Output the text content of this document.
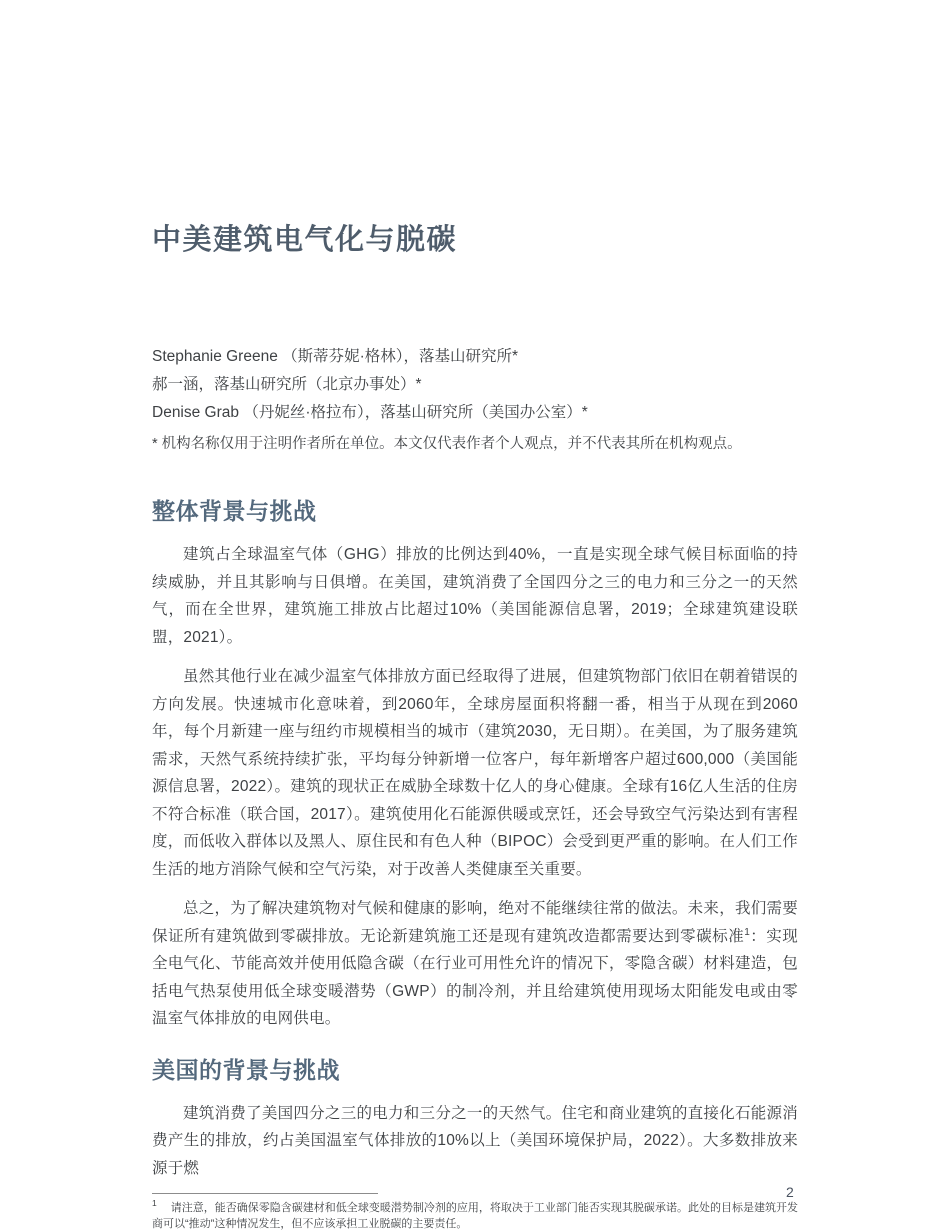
中美建筑电气化与脱碳
Stephanie Greene （斯蒂芬妮·格林），落基山研究所*
郝一涵，落基山研究所（北京办事处）*
Denise Grab （丹妮丝·格拉布），落基山研究所（美国办公室）*
* 机构名称仅用于注明作者所在单位。本文仅代表作者个人观点，并不代表其所在机构观点。
整体背景与挑战

建筑占全球温室气体（GHG）排放的比例达到40%，一直是实现全球气候目标面临的持续威胁，并且其影响与日俱增。在美国，建筑消费了全国四分之三的电力和三分之一的天然气，而在全世界，建筑施工排放占比超过10%（美国能源信息署，2019；全球建筑建设联盟，2021）。

虽然其他行业在减少温室气体排放方面已经取得了进展，但建筑物部门依旧在朝着错误的方向发展。快速城市化意味着，到2060年，全球房屋面积将翻一番，相当于从现在到2060年，每个月新建一座与纽约市规模相当的城市（建筑2030，无日期）。在美国，为了服务建筑需求，天然气系统持续扩张，平均每分钟新增一位客户，每年新增客户超过600,000（美国能源信息署，2022）。建筑的现状正在威胁全球数十亿人的身心健康。全球有16亿人生活的住房不符合标准（联合国，2017）。建筑使用化石能源供暖或烹饪，还会导致空气污染达到有害程度，而低收入群体以及黑人、原住民和有色人种（BIPOC）会受到更严重的影响。在人们工作生活的地方消除气候和空气污染，对于改善人类健康至关重要。

总之，为了解决建筑物对气候和健康的影响，绝对不能继续往常的做法。未来，我们需要保证所有建筑做到零碳排放。无论新建筑施工还是现有建筑改造都需要达到零碳标准$^1$：实现全电气化、节能高效并使用低隐含碳（在行业可用性允许的情况下，零隐含碳）材料建造，包括电气热泵使用低全球变暖潜势（GWP）的制冷剂，并且给建筑使用现场太阳能发电或由零温室气体排放的电网供电。

美国的背景与挑战

建筑消费了美国四分之三的电力和三分之一的天然气。住宅和商业建筑的直接化石能源消费产生的排放，约占美国温室气体排放的10%以上（美国环境保护局，2022）。大多数排放来源于燃

$^1$ 请注意，能否确保零隐含碳建材和低全球变暖潜势制冷剂的应用，将取决于工业部门能否实现其脱碳承诺。此处的目标是建筑开发商可以“推动”这种情况发生，但不应该承担工业脱碳的主要责任。
2
